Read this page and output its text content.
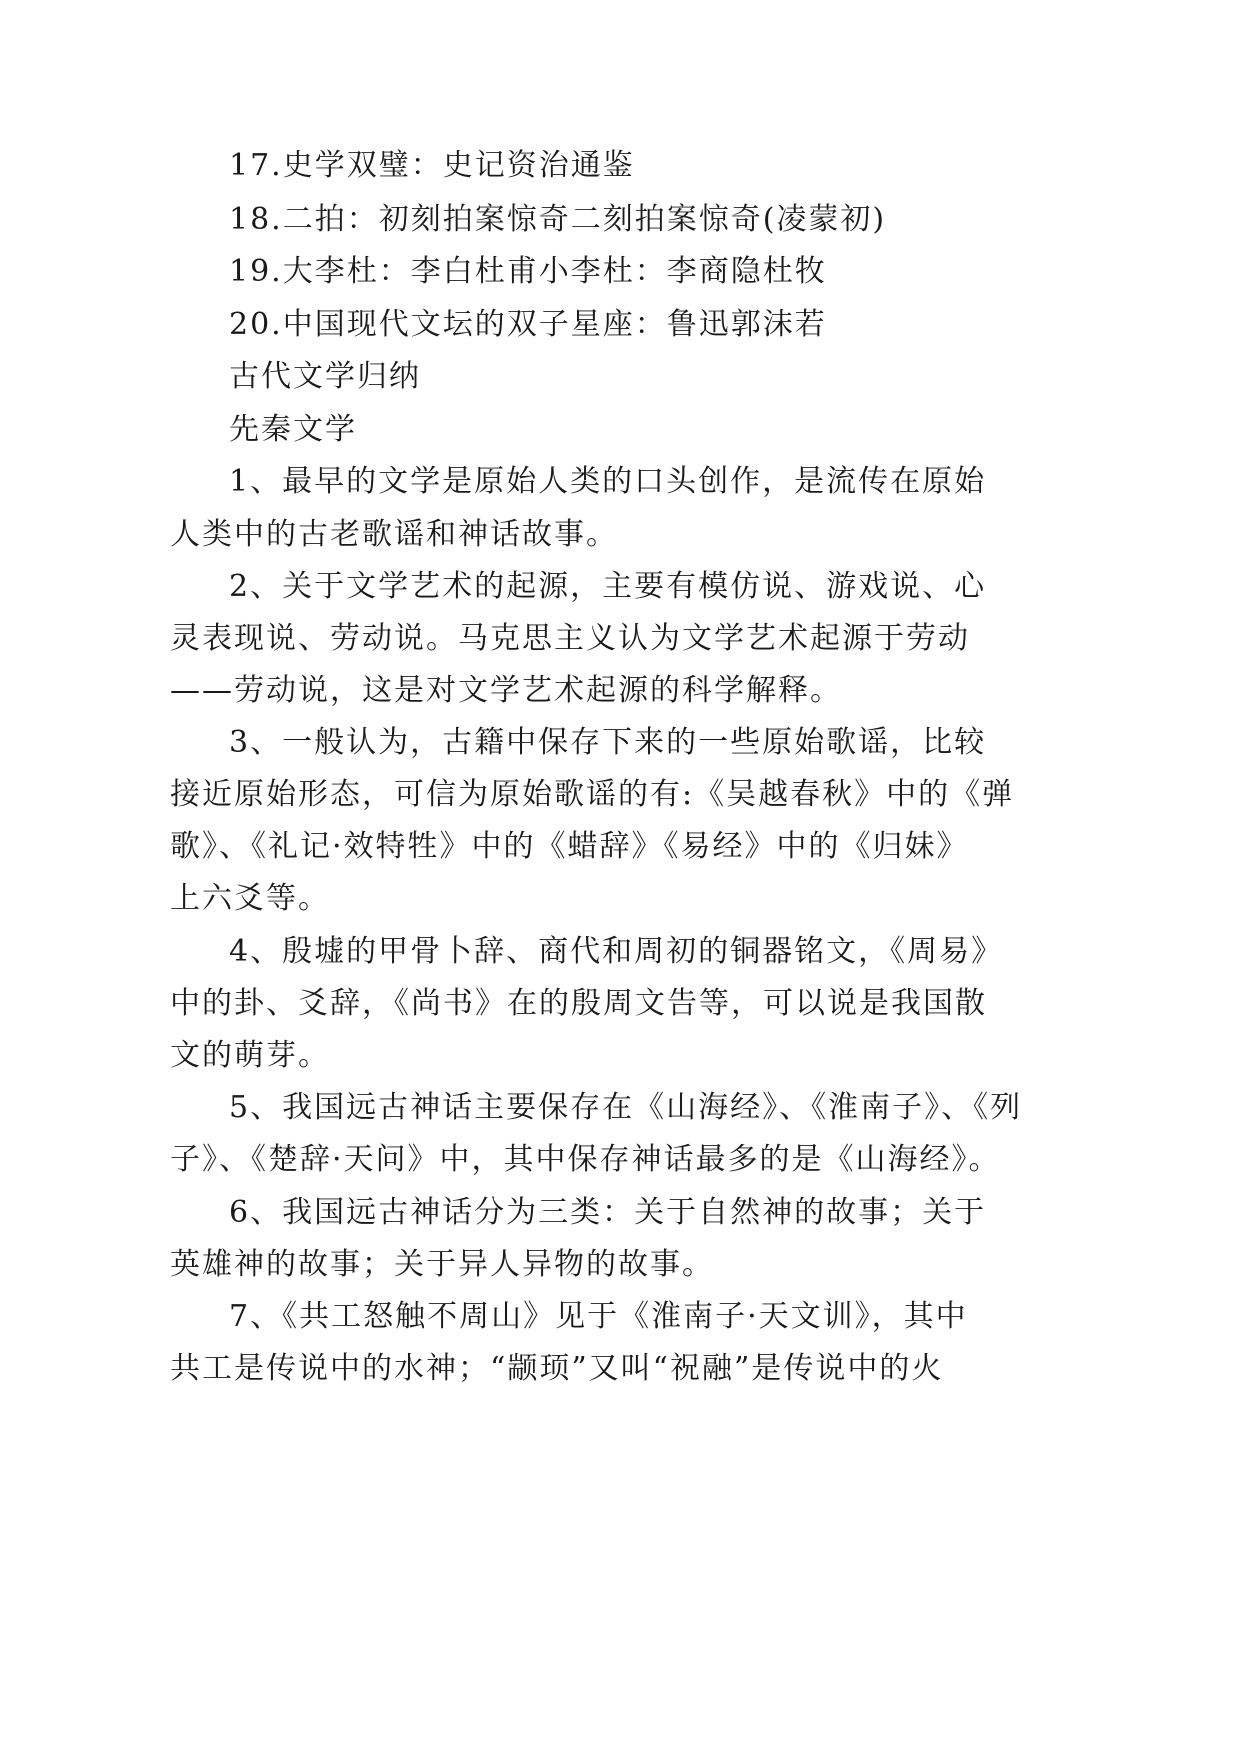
17.史学双璧：史记资治通鉴
18.二拍：初刻拍案惊奇二刻拍案惊奇(凌蒙初)
19.大李杜：李白杜甫小李杜：李商隐杜牧
20.中国现代文坛的双子星座：鲁迅郭沫若
古代文学归纳
先秦文学
1、最早的文学是原始人类的口头创作，是流传在原始
人类中的古老歌谣和神话故事。
2、关于文学艺术的起源，主要有模仿说、游戏说、心
灵表现说、劳动说。马克思主义认为文学艺术起源于劳动
——劳动说，这是对文学艺术起源的科学解释。
3、一般认为，古籍中保存下来的一些原始歌谣，比较
接近原始形态，可信为原始歌谣的有:《吴越春秋》中的《弹
歌》、《礼记·效特牲》中的《蜡辞》《易经》中的《归妹》
上六爻等。
4、殷墟的甲骨卜辞、商代和周初的铜器铭文，《周易》
中的卦、爻辞，《尚书》在的殷周文告等，可以说是我国散
文的萌芽。
5、我国远古神话主要保存在《山海经》、《淮南子》、《列
子》、《楚辞·天问》中，其中保存神话最多的是《山海经》。
6、我国远古神话分为三类：关于自然神的故事；关于
英雄神的故事；关于异人异物的故事。
7、《共工怒触不周山》见于《淮南子·天文训》，其中
共工是传说中的水神；“颛顼”又叫“祝融”是传说中的火
